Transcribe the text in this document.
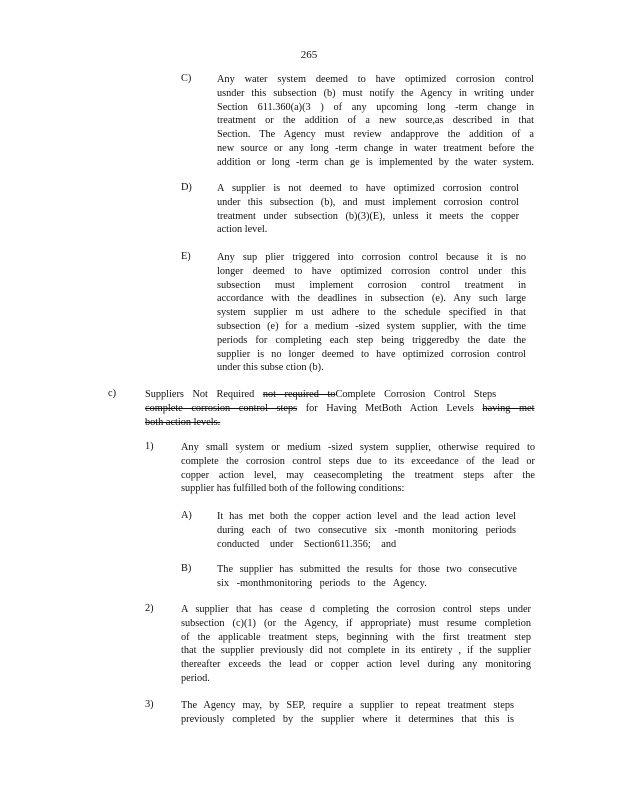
265
C) Any water system deemed to have optimized corrosion control
usnder this subsection (b) must notify the Agency in writing under
Section 611.360(a)(3 ) of any upcoming long -term change in
treatment or the addition of a new source,as described in that
Section. The Agency must review andapprove the addition of a
new source or any long -term change in water treatment before the
addition or long -term chan ge is implemented by the water system.
D) A supplier is not deemed to have optimized corrosion control
under this subsection (b), and must implement corrosion control
treatment under subsection (b)(3)(E), unless it meets the copper
action level.
E)	Any sup plier triggered into corrosion control because it is no
longer deemed to have optimized corrosion control under this
subsection must implement corrosion control treatment in
accordance with the deadlines in subsection (e). Any such large
system supplier m ust adhere to the schedule specified in that
subsection (e) for a medium -sized system supplier, with the time
periods for completing each step being triggeredby the date the
supplier is no longer deemed to have optimized corrosion control
under this subse ction (b).
c)	Suppliers Not Required not required toComplete Corrosion Control Steps
complete corrosion control steps for Having MetBoth Action Levels having met
both action levels.
1)	Any small system or medium -sized system supplier, otherwise required to
complete the corrosion control steps due to its exceedance of the lead or
copper action level, may ceasecompleting the treatment steps after the
supplier has fulfilled both of the following conditions:
A) It has met both the copper action level and the lead action level
during each of two consecutive six -month monitoring periods
conducted under Section611.356; and
B) The supplier has submitted the results for those two consecutive
six -monthmonitoring periods to the Agency.
2)	A supplier that has cease d completing the corrosion control steps under
subsection (c)(1) (or the Agency, if appropriate) must resume completion
of the applicable treatment steps, beginning with the first treatment step
that the supplier previously did not complete in its entirety , if the supplier
thereafter exceeds the lead or copper action level during any monitoring
period.
3)	The Agency may, by SEP, require a supplier to repeat treatment steps
previously completed by the supplier where it determines that this is
